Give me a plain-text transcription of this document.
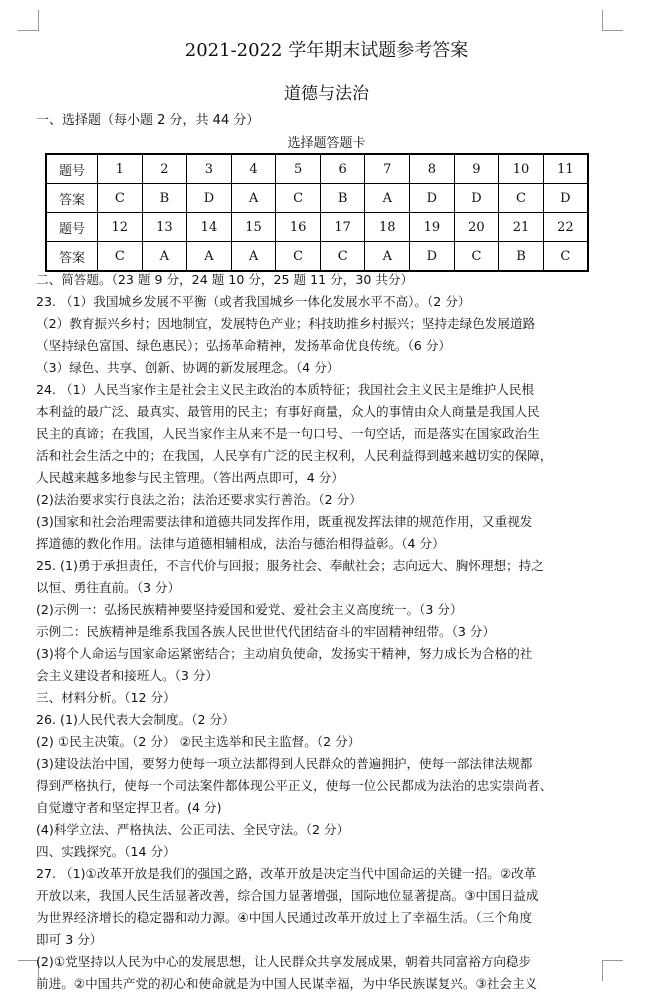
2021-2022 学年期末试题参考答案
道德与法治
一、选择题（每小题 2 分，共 44 分）
选择题答题卡
题号	1	2	3	4	5	6	7	8	9	10	11
答案	C	B	D	A	C	B	A	D	D	C	D
题号	12	13	14	15	16	17	18	19	20	21	22
答案	C	A	A	A	C	C	A	D	C	B	C

二、简答题。（23 题 9 分，24 题 10 分，25 题 11 分，30 共分）

23. （1）我国城乡发展不平衡（或者我国城乡一体化发展水平不高）。（2 分）

（2）教育振兴乡村；因地制宜，发展特色产业；科技助推乡村振兴；坚持走绿色发展道路

（坚持绿色富国、绿色惠民）；弘扬革命精神，发扬革命优良传统。（6 分）

（3）绿色、共享、创新、协调的新发展理念。（4 分）

24. （1）人民当家作主是社会主义民主政治的本质特征；我国社会主义民主是维护人民根

本利益的最广泛、最真实、最管用的民主；有事好商量，众人的事情由众人商量是我国人民

民主的真谛；在我国，人民当家作主从来不是一句口号、一句空话，而是落实在国家政治生

活和社会生活之中的；在我国，人民享有广泛的民主权利，人民利益得到越来越切实的保障，

人民越来越多地参与民主管理。（答出两点即可，4 分）

(2)法治要求实行良法之治；法治还要求实行善治。（2 分）

(3)国家和社会治理需要法律和道德共同发挥作用，既重视发挥法律的规范作用，又重视发

挥道德的教化作用。法律与道德相辅相成，法治与德治相得益彰。（4 分）

25. (1)勇于承担责任，不言代价与回报；服务社会、奉献社会；志向远大、胸怀理想；持之

以恒、勇往直前。（3 分）

(2)示例一：弘扬民族精神要坚持爱国和爱党、爱社会主义高度统一。（3 分）

示例二：民族精神是维系我国各族人民世世代代团结奋斗的牢固精神纽带。（3 分）

(3)将个人命运与国家命运紧密结合；主动肩负使命，发扬实干精神，努力成长为合格的社

会主义建设者和接班人。（3 分）

三、材料分析。（12 分）

26. (1)人民代表大会制度。（2 分）

(2) ①民主决策。（2 分） ②民主选举和民主监督。（2 分）

(3)建设法治中国，要努力使每一项立法都得到人民群众的普遍拥护，使每一部法律法规都

得到严格执行，使每一个司法案件都体现公平正义，使每一位公民都成为法治的忠实崇尚者、

自觉遵守者和坚定捍卫者。(4 分)

(4)科学立法、严格执法、公正司法、全民守法。（2 分）

四、实践探究。（14 分）

27. （1)①改革开放是我们的强国之路，改革开放是决定当代中国命运的关键一招。②改革

开放以来，我国人民生活显著改善，综合国力显著增强，国际地位显著提高。③中国日益成

为世界经济增长的稳定器和动力源。④中国人民通过改革开放过上了幸福生活。（三个角度

即可 3 分）

(2)①党坚持以人民为中心的发展思想，让人民群众共享发展成果，朝着共同富裕方向稳步

前进。②中国共产党的初心和使命就是为中国人民谋幸福，为中华民族谋复兴。③社会主义
